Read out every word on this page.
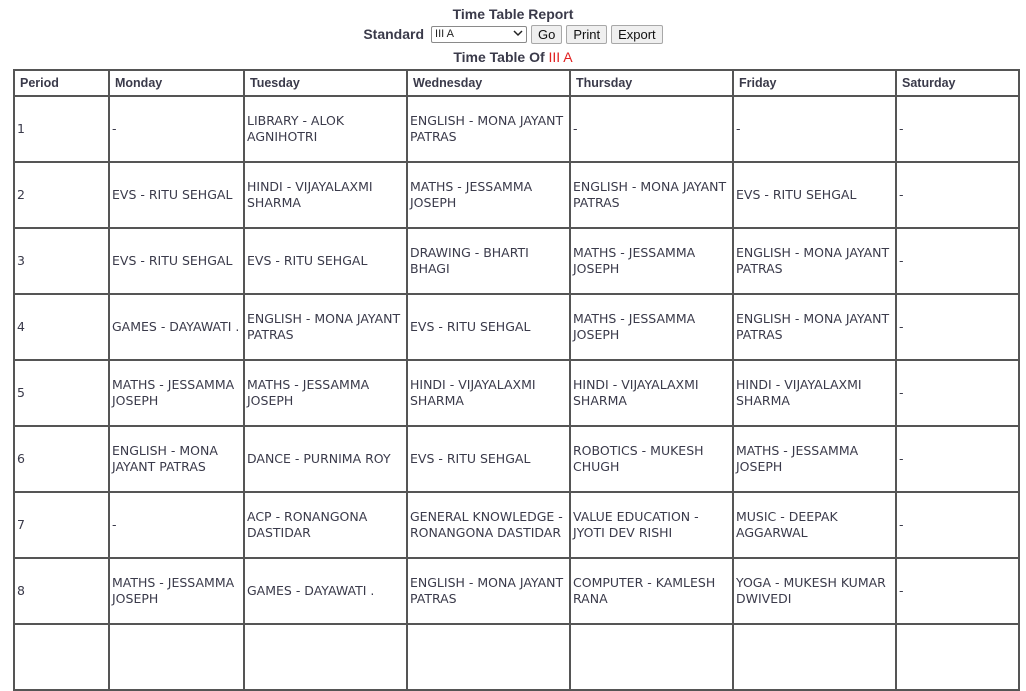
Time Table Report
Standard III A	Go	Print	Export
Time Table Of III A
Period	Monday	Tuesday	Wednesday	Thursday	Friday	Saturday
1	-	LIBRARY - ALOK AGNIHOTRI	ENGLISH - MONA JAYANT PATRAS	-	-	-
2	EVS - RITU SEHGAL	HINDI - VIJAYALAXMI SHARMA	MATHS - JESSAMMA JOSEPH	ENGLISH - MONA JAYANT PATRAS	EVS - RITU SEHGAL	-
3	EVS - RITU SEHGAL	EVS - RITU SEHGAL	DRAWING - BHARTI BHAGI	MATHS - JESSAMMA JOSEPH	ENGLISH - MONA JAYANT PATRAS	-
4	GAMES - DAYAWATI .	ENGLISH - MONA JAYANT PATRAS	EVS - RITU SEHGAL	MATHS - JESSAMMA JOSEPH	ENGLISH - MONA JAYANT PATRAS	-
5	MATHS - JESSAMMA JOSEPH	MATHS - JESSAMMA JOSEPH	HINDI - VIJAYALAXMI SHARMA	HINDI - VIJAYALAXMI SHARMA	HINDI - VIJAYALAXMI SHARMA	-
6	ENGLISH - MONA JAYANT PATRAS	DANCE - PURNIMA ROY	EVS - RITU SEHGAL	ROBOTICS - MUKESH CHUGH	MATHS - JESSAMMA JOSEPH	-
7	-	ACP - RONANGONA DASTIDAR	GENERAL KNOWLEDGE - RONANGONA DASTIDAR	VALUE EDUCATION - JYOTI DEV RISHI	MUSIC - DEEPAK AGGARWAL	-
8	MATHS - JESSAMMA JOSEPH	GAMES - DAYAWATI .	ENGLISH - MONA JAYANT PATRAS	COMPUTER - KAMLESH RANA	YOGA - MUKESH KUMAR DWIVEDI	-
